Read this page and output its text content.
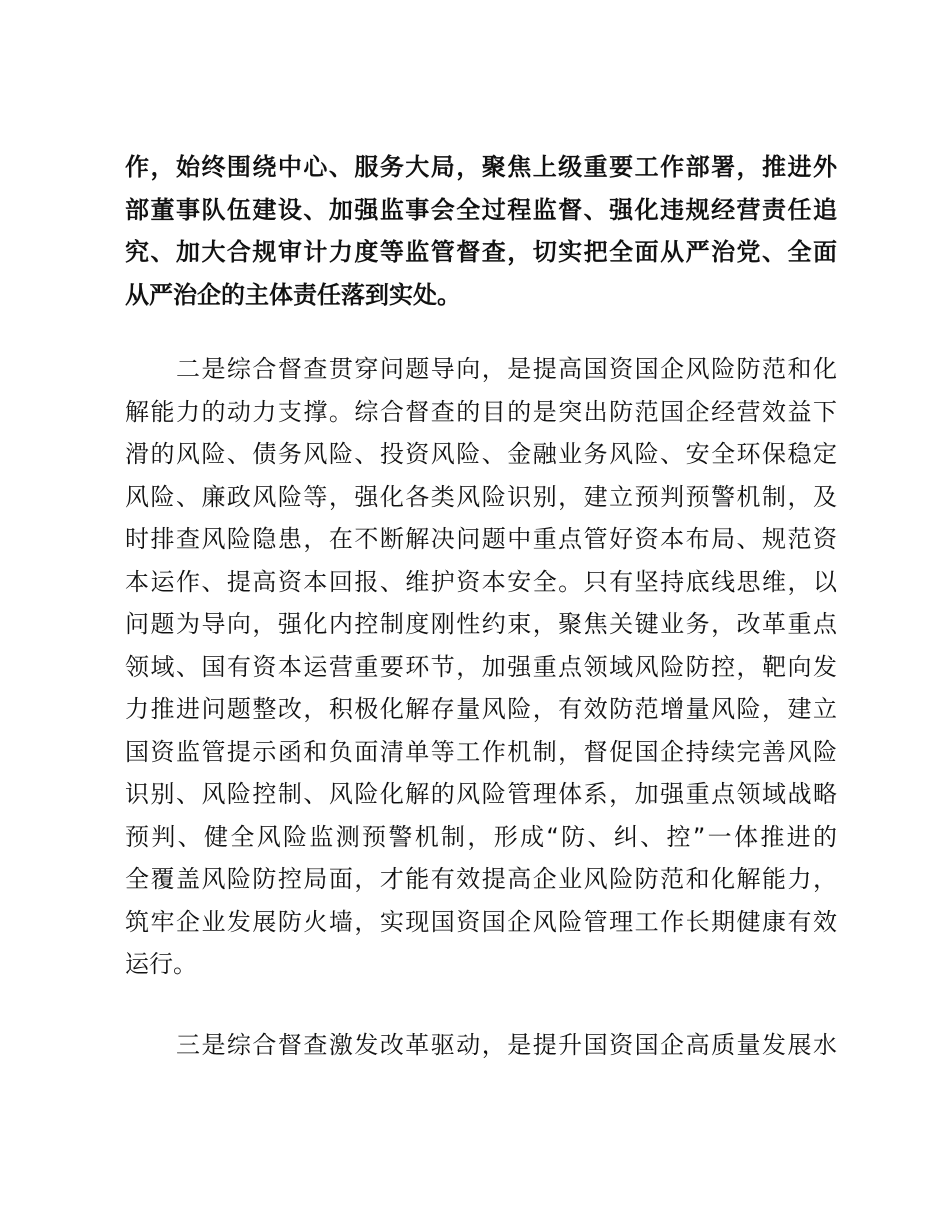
作，始终围绕中心、服务大局，聚焦上级重要工作部署，推进外
部董事队伍建设、加强监事会全过程监督、强化违规经营责任追
究、加大合规审计力度等监管督查，切实把全面从严治党、全面
从严治企的主体责任落到实处。
　　二是综合督查贯穿问题导向，是提高国资国企风险防范和化
解能力的动力支撑。综合督查的目的是突出防范国企经营效益下
滑的风险、债务风险、投资风险、金融业务风险、安全环保稳定
风险、廉政风险等，强化各类风险识别，建立预判预警机制，及
时排查风险隐患，在不断解决问题中重点管好资本布局、规范资
本运作、提高资本回报、维护资本安全。只有坚持底线思维，以
问题为导向，强化内控制度刚性约束，聚焦关键业务，改革重点
领域、国有资本运营重要环节，加强重点领域风险防控，靶向发
力推进问题整改，积极化解存量风险，有效防范增量风险，建立
国资监管提示函和负面清单等工作机制，督促国企持续完善风险
识别、风险控制、风险化解的风险管理体系，加强重点领域战略
预判、健全风险监测预警机制，形成“防、纠、控”一体推进的
全覆盖风险防控局面，才能有效提高企业风险防范和化解能力，
筑牢企业发展防火墙，实现国资国企风险管理工作长期健康有效
运行。
　　三是综合督查激发改革驱动，是提升国资国企高质量发展水
